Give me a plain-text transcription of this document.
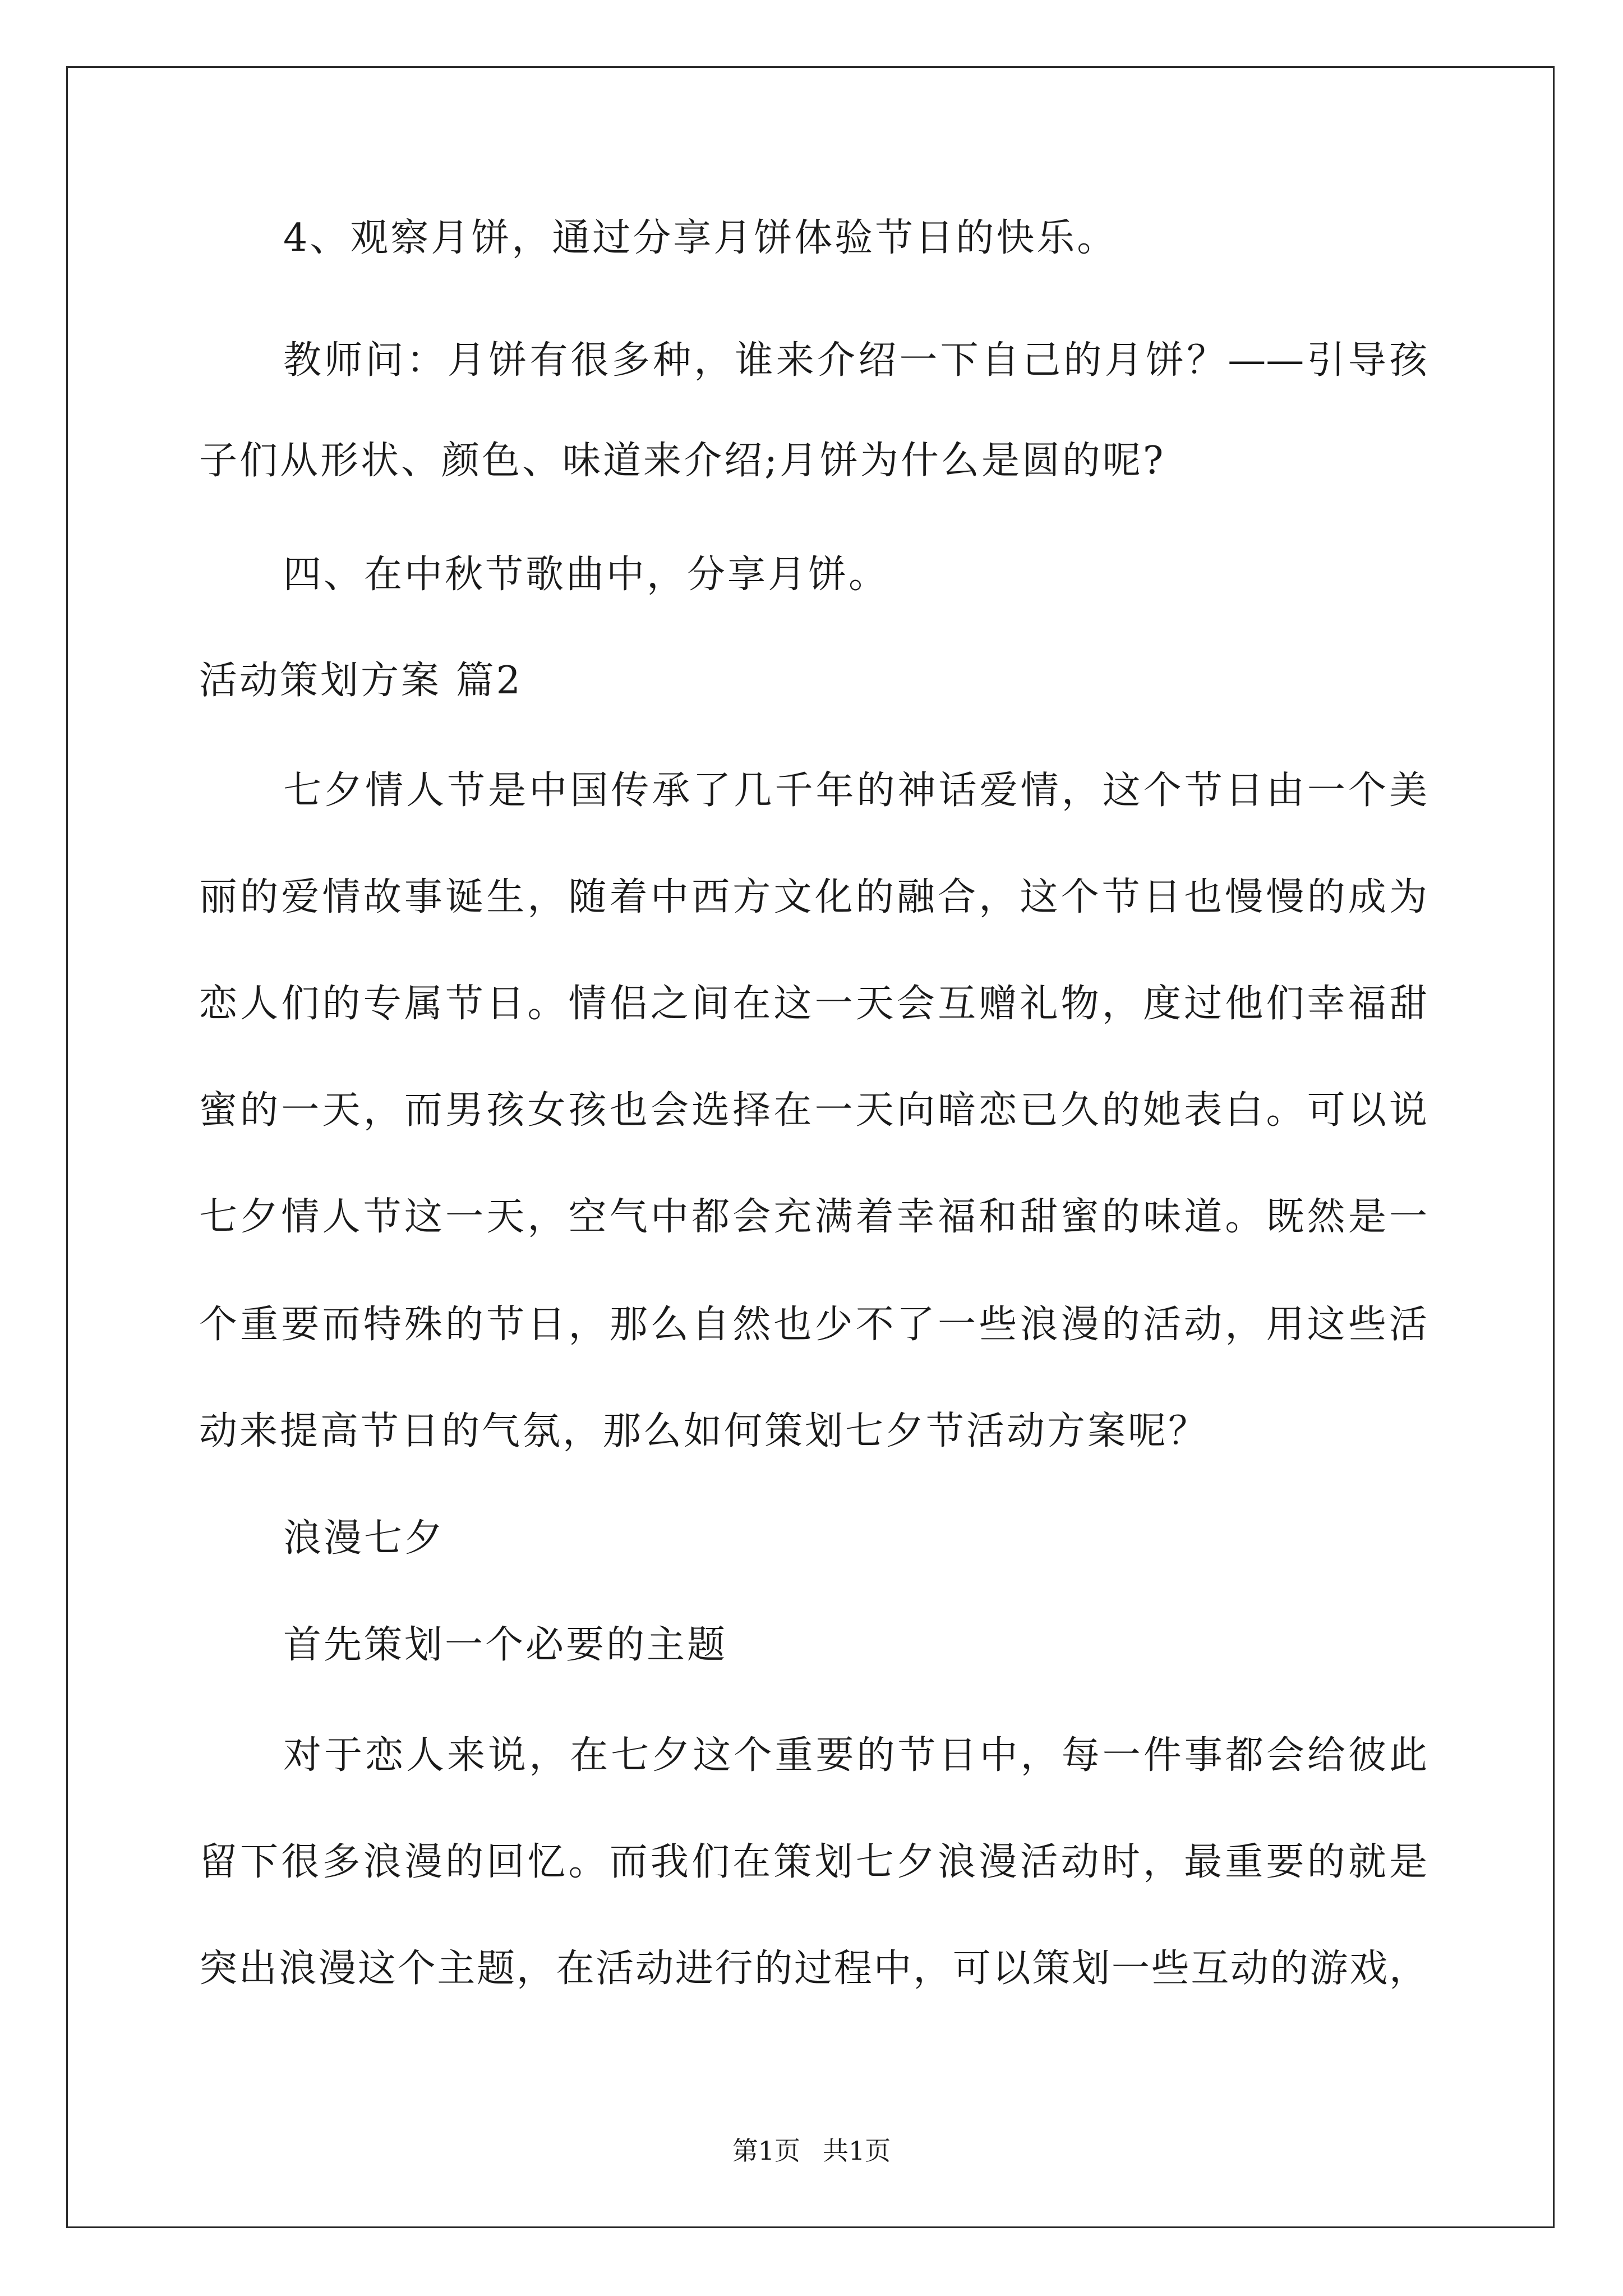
4、观察月饼，通过分享月饼体验节日的快乐。
教师问：月饼有很多种，谁来介绍一下自己的月饼？——引导孩
子们从形状、颜色、味道来介绍;月饼为什么是圆的呢?
四、在中秋节歌曲中，分享月饼。
活动策划方案 篇2
七夕情人节是中国传承了几千年的神话爱情，这个节日由一个美
丽的爱情故事诞生，随着中西方文化的融合，这个节日也慢慢的成为
恋人们的专属节日。情侣之间在这一天会互赠礼物，度过他们幸福甜
蜜的一天，而男孩女孩也会选择在一天向暗恋已久的她表白。可以说
七夕情人节这一天，空气中都会充满着幸福和甜蜜的味道。既然是一
个重要而特殊的节日，那么自然也少不了一些浪漫的活动，用这些活
动来提高节日的气氛，那么如何策划七夕节活动方案呢？
浪漫七夕
首先策划一个必要的主题
对于恋人来说，在七夕这个重要的节日中，每一件事都会给彼此
留下很多浪漫的回忆。而我们在策划七夕浪漫活动时，最重要的就是
突出浪漫这个主题，在活动进行的过程中，可以策划一些互动的游戏，
第1页 共1页
